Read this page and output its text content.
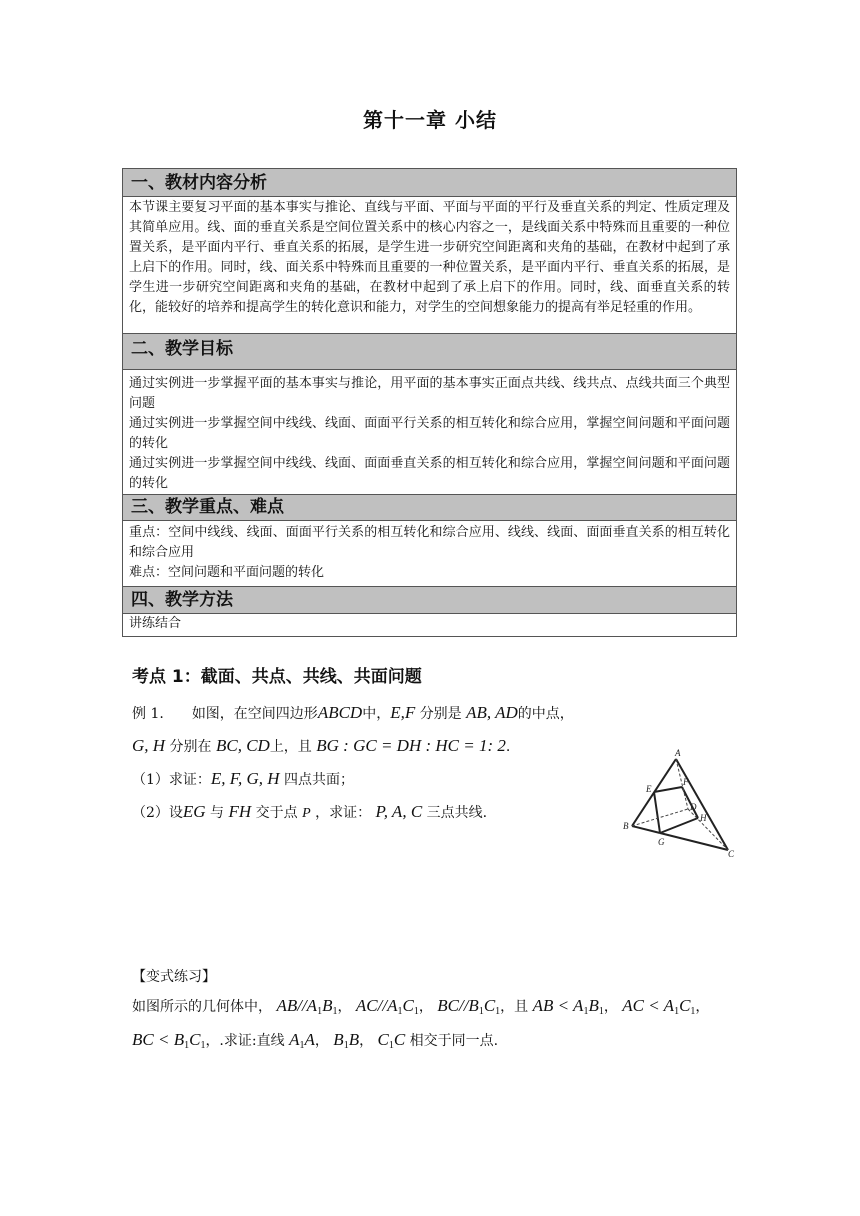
第十一章 小结
一、教材内容分析

本节课主要复习平面的基本事实与推论、直线与平面、平面与平面的平行及垂直关系的判定、性质定理及其简单应用。线、面的垂直关系是空间位置关系中的核心内容之一，是线面关系中特殊而且重要的一种位置关系，是平面内平行、垂直关系的拓展，是学生进一步研究空间距离和夹角的基础，在教材中起到了承上启下的作用。同时，线、面关系中特殊而且重要的一种位置关系，是平面内平行、垂直关系的拓展，是学生进一步研究空间距离和夹角的基础，在教材中起到了承上启下的作用。同时，线、面垂直关系的转化，能较好的培养和提高学生的转化意识和能力，对学生的空间想象能力的提高有举足轻重的作用。

二、教学目标

通过实例进一步掌握平面的基本事实与推论，用平面的基本事实正面点共线、线共点、点线共面三个典型问题

通过实例进一步掌握空间中线线、线面、面面平行关系的相互转化和综合应用，掌握空间问题和平面问题的转化

通过实例进一步掌握空间中线线、线面、面面垂直关系的相互转化和综合应用，掌握空间问题和平面问题的转化

三、教学重点、难点

重点：空间中线线、线面、面面平行关系的相互转化和综合应用、线线、线面、面面垂直关系的相互转化和综合应用

难点：空间问题和平面问题的转化

四、教学方法

讲练结合

考点 1：截面、共点、共线、共面问题
例 1. 如图，在空间四边形ABCD中，E,F 分别是 AB, AD的中点，
G, H 分别在 BC, CD上，且 BG : GC = DH : HC = 1: 2.
（1）求证：E, F, G, H 四点共面；
（2）设EG 与 FH 交于点 P ，求证： P, A, C 三点共线.
A
B
C
D
E
F
G
H
【变式练习】
如图所示的几何体中， $AB//A_1B_1$， $AC//A_1C_1$， $BC//B_1C_1$，且 AB < $A_1B_1$， AC < $A_1C_1$，
BC < $B_1C_1$，.求证:直线 $A_1A$， $B_1B$， $C_1C$ 相交于同一点.
